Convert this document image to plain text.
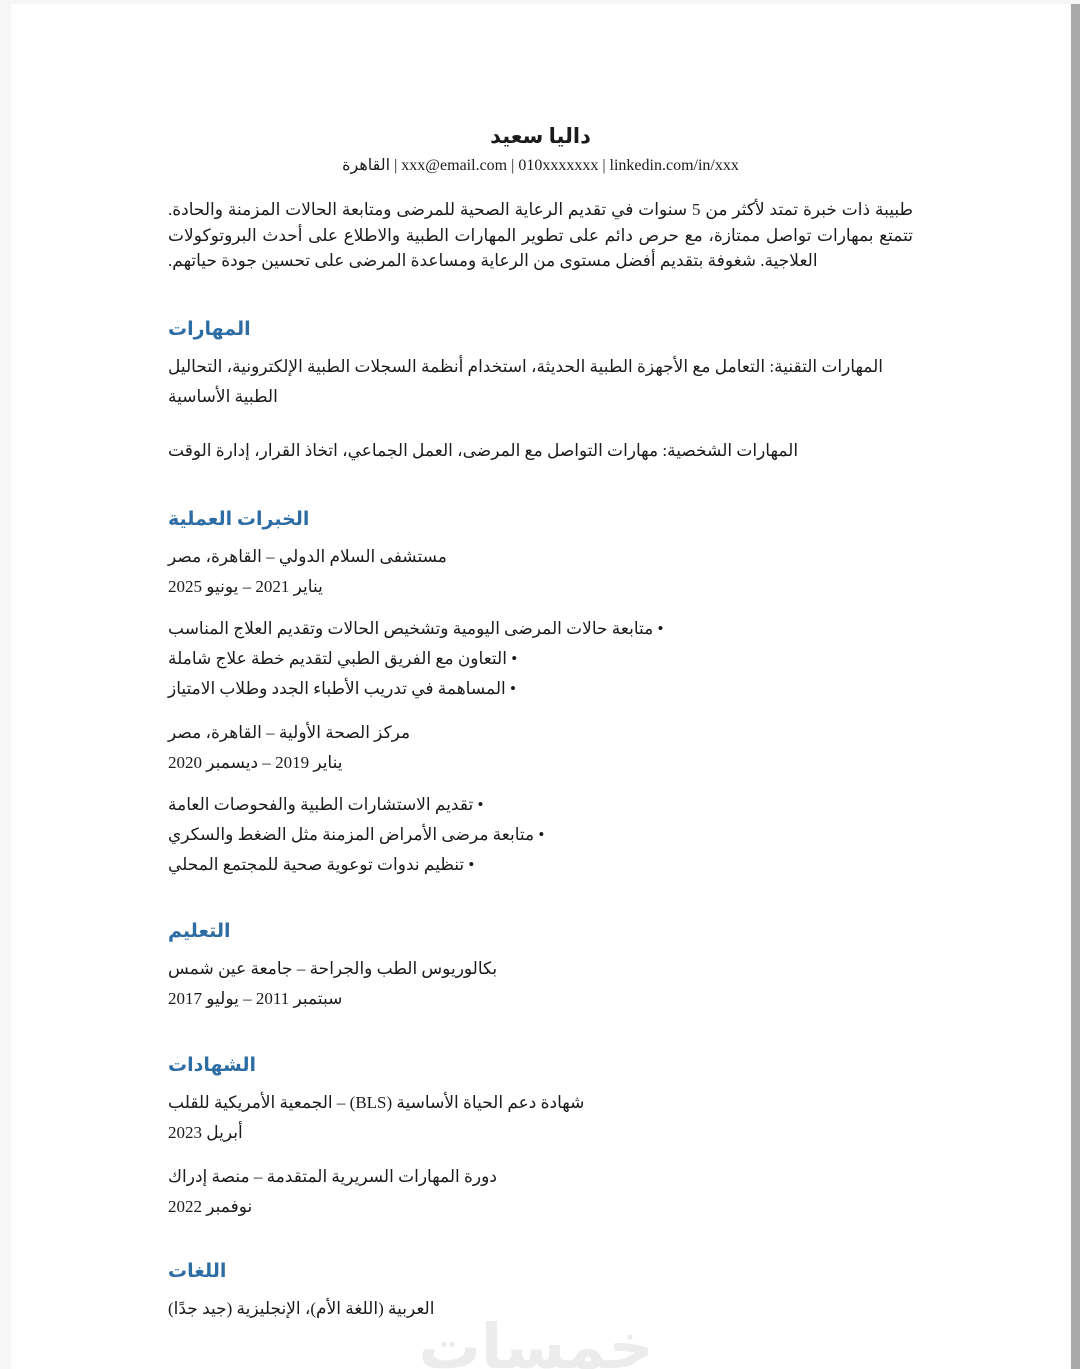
داليا سعيد
القاهرة | xxx@email.com | 010xxxxxxx | linkedin.com/in/xxx

طبيبة ذات خبرة تمتد لأكثر من 5 سنوات في تقديم الرعاية الصحية للمرضى ومتابعة الحالات المزمنة والحادة. تتمتع بمهارات تواصل ممتازة، مع حرص دائم على تطوير المهارات الطبية والاطلاع على أحدث البروتوكولات العلاجية. شغوفة بتقديم أفضل مستوى من الرعاية ومساعدة المرضى على تحسين جودة حياتهم.

المهارات

المهارات التقنية: التعامل مع الأجهزة الطبية الحديثة، استخدام أنظمة السجلات الطبية الإلكترونية، التحاليل الطبية الأساسية

المهارات الشخصية: مهارات التواصل مع المرضى، العمل الجماعي، اتخاذ القرار، إدارة الوقت

الخبرات العملية

مستشفى السلام الدولي – القاهرة، مصر

يناير 2021 – يونيو 2025

• متابعة حالات المرضى اليومية وتشخيص الحالات وتقديم العلاج المناسب
• التعاون مع الفريق الطبي لتقديم خطة علاج شاملة
• المساهمة في تدريب الأطباء الجدد وطلاب الامتياز

مركز الصحة الأولية – القاهرة، مصر

يناير 2019 – ديسمبر 2020

• تقديم الاستشارات الطبية والفحوصات العامة
• متابعة مرضى الأمراض المزمنة مثل الضغط والسكري
• تنظيم ندوات توعوية صحية للمجتمع المحلي
التعليم

بكالوريوس الطب والجراحة – جامعة عين شمس

سبتمبر 2011 – يوليو 2017

الشهادات

شهادة دعم الحياة الأساسية (BLS) – الجمعية الأمريكية للقلب

أبريل 2023

دورة المهارات السريرية المتقدمة – منصة إدراك

نوفمبر 2022

اللغات

العربية (اللغة الأم)، الإنجليزية (جيد جدًا)

خمسات
